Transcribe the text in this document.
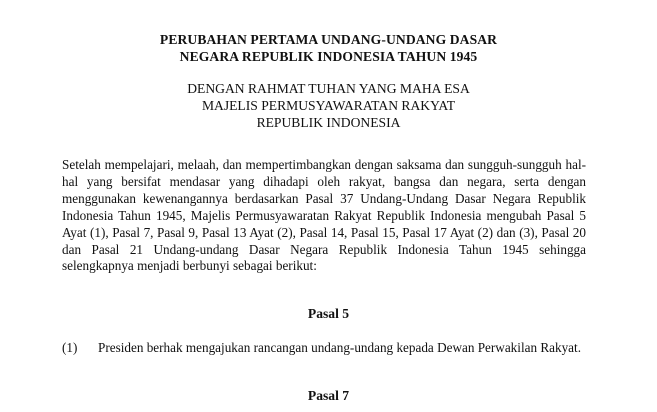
PERUBAHAN PERTAMA UNDANG-UNDANG DASAR
NEGARA REPUBLIK INDONESIA TAHUN 1945
DENGAN RAHMAT TUHAN YANG MAHA ESA
MAJELIS PERMUSYAWARATAN RAKYAT
REPUBLIK INDONESIA

Setelah mempelajari, melaah, dan mempertimbangkan dengan saksama dan sungguh-sungguh hal-hal yang bersifat mendasar yang dihadapi oleh rakyat, bangsa dan negara, serta dengan menggunakan kewenangannya berdasarkan Pasal 37 Undang-Undang Dasar Negara Republik Indonesia Tahun 1945, Majelis Permusyawaratan Rakyat Republik Indonesia mengubah Pasal 5 Ayat (1), Pasal 7, Pasal 9, Pasal 13 Ayat (2), Pasal 14, Pasal 15, Pasal 17 Ayat (2) dan (3), Pasal 20 dan Pasal 21 Undang-undang Dasar Negara Republik Indonesia Tahun 1945 sehingga selengkapnya menjadi berbunyi sebagai berikut:

Pasal 5
(1) Presiden berhak mengajukan rancangan undang-undang kepada Dewan Perwakilan Rakyat.

Pasal 7
